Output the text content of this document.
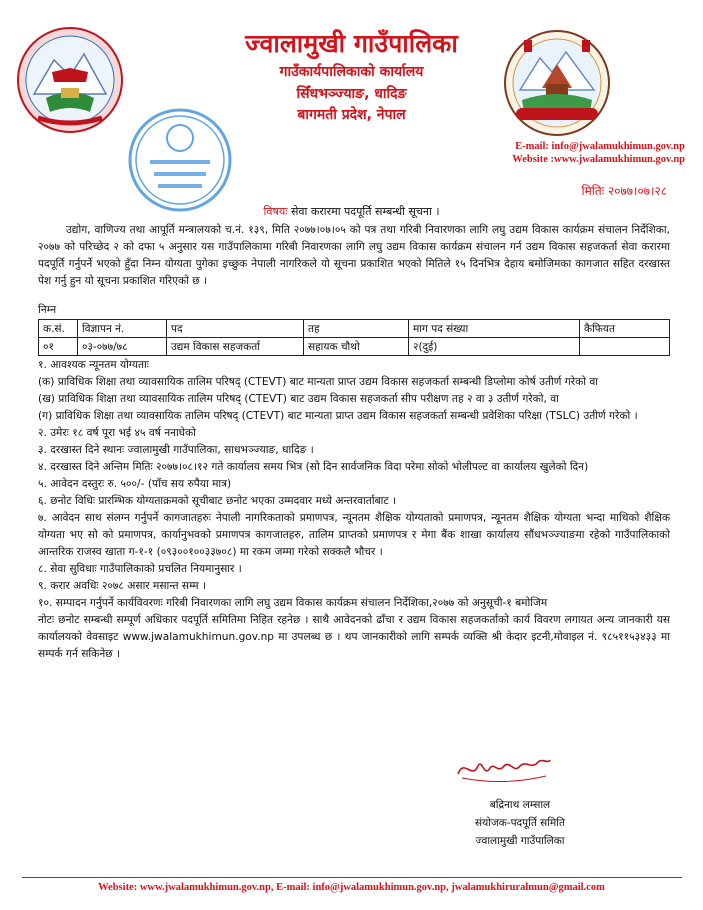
ज्वालामुखी गाउँपालिका
गाउँकार्यपालिकाको कार्यालय
सिँधभञ्ज्याङ, धादिङ
बागमती प्रदेश, नेपाल
E-mail: info@jwalamukhimun.gov.np
Website :www.jwalamukhimun.gov.np
मितिः २०७७।०७।२८
विषयः सेवा करारमा पदपूर्ति सम्बन्धी सूचना ।
उद्योग, वाणिज्य तथा आपूर्ति मन्त्रालयको च.नं. १३९, मिति २०७७।०७।०५ को पत्र तथा गरिबी निवारणका लागि लघु उद्यम विकास कार्यक्रम संचालन निर्देशिका, २०७७ को परिच्छेद २ को दफा ५ अनुसार यस गाउँपालिकामा गरिबी निवारणका लागि लघु उद्यम विकास कार्यक्रम संचालन गर्न उद्यम विकास सहजकर्ता सेवा करारमा पदपूर्ति गर्नुपर्ने भएको हुँदा निम्न योग्यता पुगेका इच्छुक नेपाली नागरिकले यो सूचना प्रकाशित भएको मितिले १५ दिनभित्र देहाय बमोजिमका कागजात सहित दरखास्त पेश गर्नु हुन यो सूचना प्रकाशित गरिएको छ ।
निम्न
क.सं.	विज्ञापन नं.	पद	तह	माग पद संख्या	कैफियत
०१	०३-०७७/७८	उद्यम विकास सहजकर्ता	सहायक चौथो	२(दुई)	

१. आवश्यक न्यूनतम योग्यताः

(क) प्राविधिक शिक्षा तथा व्यावसायिक तालिम परिषद् (CTEVT) बाट मान्यता प्राप्त उद्यम विकास सहजकर्ता सम्बन्धी डिप्लोमा कोर्ष उतीर्ण गरेको वा

(ख) प्राविधिक शिक्षा तथा व्यावसायिक तालिम परिषद् (CTEVT) बाट उद्यम विकास सहजकर्ता सीप परीक्षण तह २ वा ३ उतीर्ण गरेको, वा

(ग) प्राविधिक शिक्षा तथा व्यावसायिक तालिम परिषद् (CTEVT) बाट मान्यता प्राप्त उद्यम विकास सहजकर्ता सम्बन्धी प्रवेशिका परिक्षा (TSLC) उतीर्ण गरेको ।

२. उमेरः १८ वर्ष पूरा भई ४५ वर्ष ननाघेको

३. दरखास्त दिने स्थानः ज्वालामुखी गाउँपालिका, साधभञ्ज्याङ, धादिङ ।

४. दरखास्त दिने अन्तिम मितिः २०७७।०८।१२ गते कार्यालय समय भित्र (सो दिन सार्वजनिक विदा परेमा सोको भोलीपल्ट वा कार्यालय खुलेको दिन)

५. आवेदन दस्तुरः रु. ५००/- (पाँच सय रुपैया मात्र)

६. छनोट विधिः प्रारम्भिक योग्यताक्रमको सूचीबाट छनोट भएका उम्मदवार मध्ये अन्तरवार्ताबाट ।

७. आवेदन साथ संलग्न गर्नुपर्ने कागजातहरुः नेपाली नागरिकताको प्रमाणपत्र, न्यूनतम शैक्षिक योग्यताको प्रमाणपत्र, न्यूनतम शैक्षिक योग्यता भन्दा माथिको शैक्षिक योग्यता भए सो को प्रमाणपत्र, कार्यानुभवको प्रमाणपत्र कागजातहरु, तालिम प्राप्तको प्रमाणपत्र र मेगा बैंक शाखा कार्यालय सौंधभञ्ज्याङमा रहेको गाउँपालिकाको आन्तरिक राजस्व खाता ग-१-१ (०९३००१००३३७०८) मा रकम जम्मा गरेको सक्कलै भौचर ।

८. सेवा सुविधाः गाउँपालिकाको प्रचलित नियमानुसार ।

९. करार अवधिः २०७८ असार मसान्त सम्म ।

१०. सम्पादन गर्नुपर्ने कार्यविवरणः गरिबी निवारणका लागि लघु उद्यम विकास कार्यक्रम संचालन निर्देशिका,२०७७ को अनुसूची-१ बमोजिम

नोटः छनोट सम्बन्धी सम्पूर्ण अधिकार पदपूर्ति समितिमा निहित रहनेछ । साथै आवेदनको ढाँचा र उद्यम विकास सहजकर्ताको कार्य विवरण लगायत अन्य जानकारी यस कार्यालयको वेवसाइट www.jwalamukhimun.gov.np मा उपलब्ध छ । थप जानकारीको लागि सम्पर्क व्यक्ति श्री केदार इटनी,मोवाइल नं. ९८५११५३४३३ मा सम्पर्क गर्न सकिनेछ ।

बद्रिनाथ लम्साल
संयोजक-पदपूर्ति समिति
ज्वालामुखी गाउँपालिका
Website: www.jwalamukhimun.gov.np, E-mail: info@jwalamukhimun.gov.np, jwalamukhiruralmun@gmail.com
